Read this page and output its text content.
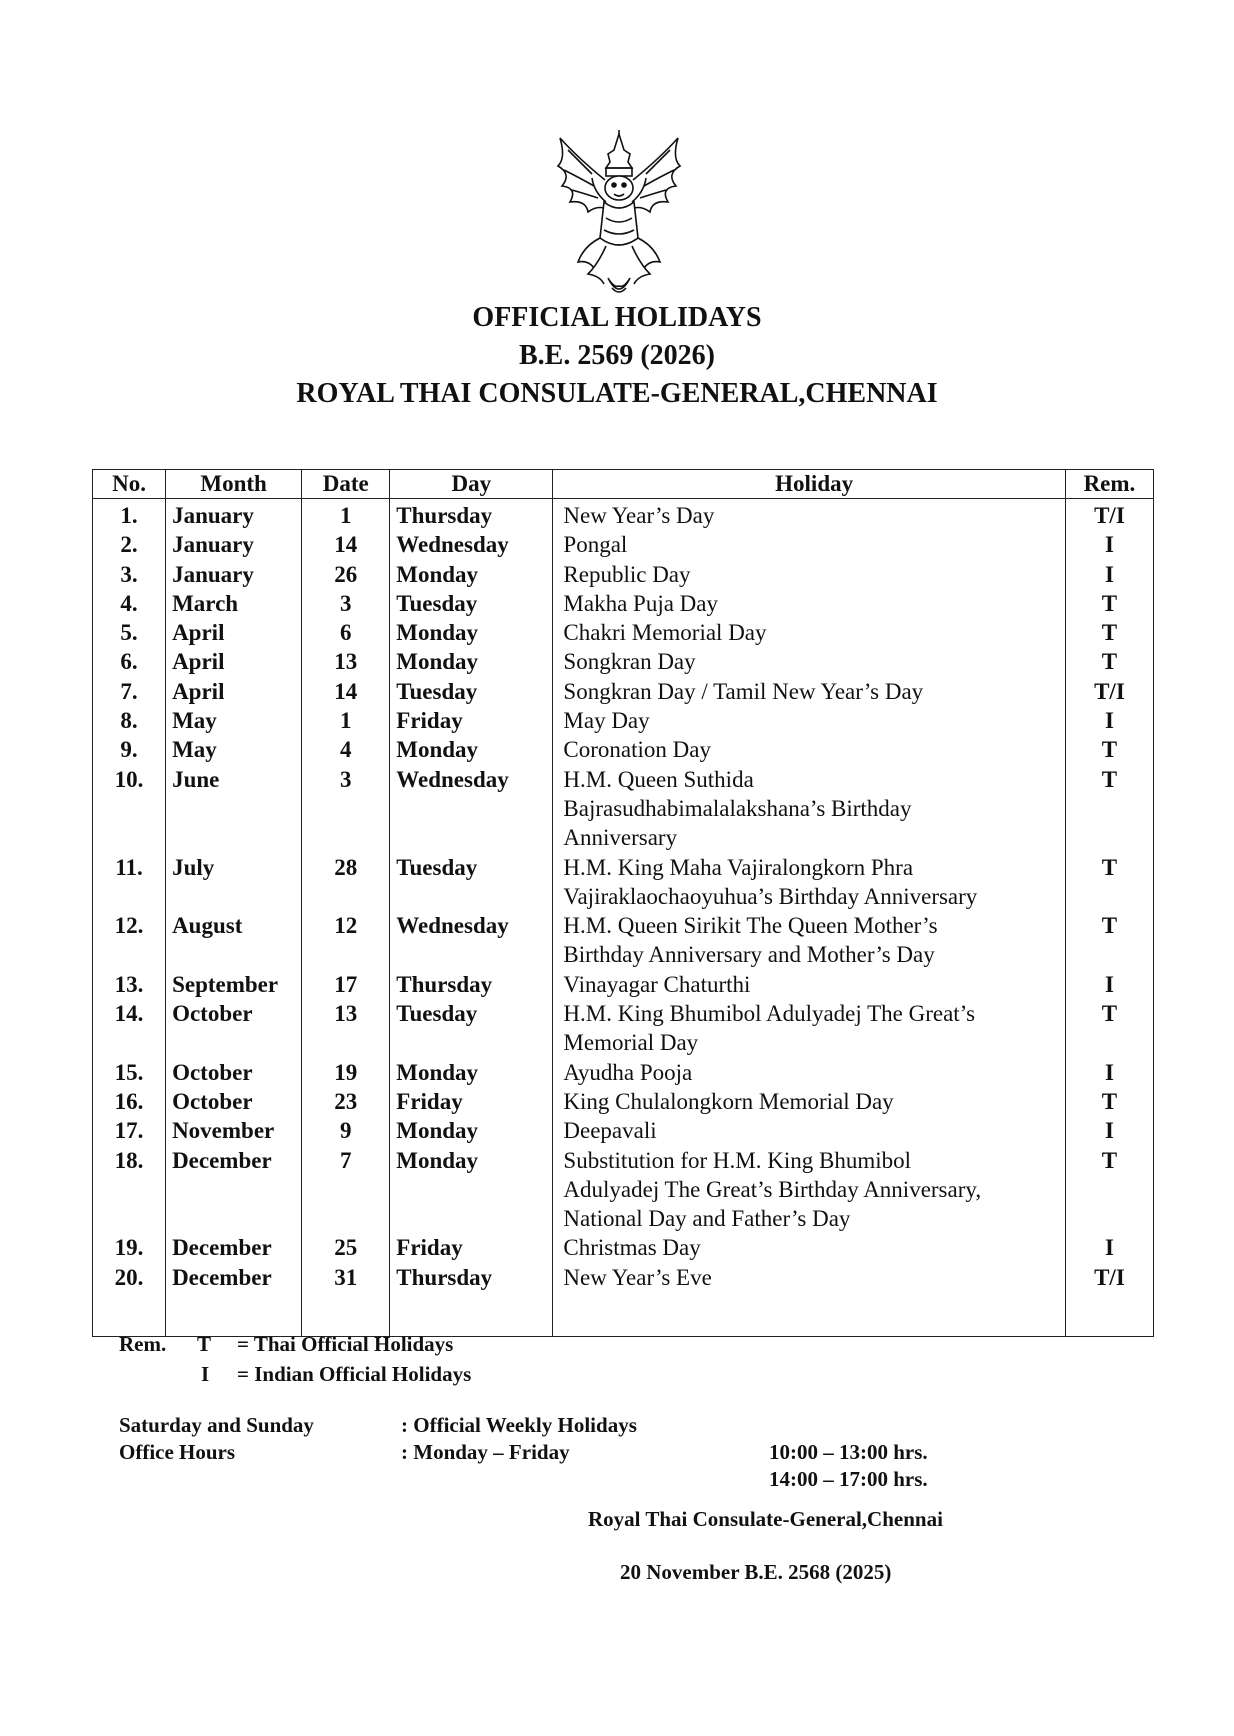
OFFICIAL HOLIDAYS
B.E. 2569 (2026)
ROYAL THAI CONSULATE-GENERAL,CHENNAI
No.	Month	Date	Day	Holiday	Rem.
1.	January	1	Thursday	New Year’s Day	T/I
2.	January	14	Wednesday	Pongal	I
3.	January	26	Monday	Republic Day	I
4.	March	3	Tuesday	Makha Puja Day	T
5.	April	6	Monday	Chakri Memorial Day	T
6.	April	13	Monday	Songkran Day	T
7.	April	14	Tuesday	Songkran Day / Tamil New Year’s Day	T/I
8.	May	1	Friday	May Day	I
9.	May	4	Monday	Coronation Day	T
10.	June	3	Wednesday	H.M. Queen Suthida
Bajrasudhabimalalakshana’s Birthday
Anniversary	T
11.	July	28	Tuesday	H.M. King Maha Vajiralongkorn Phra
Vajiraklaochaoyuhua’s Birthday Anniversary	T
12.	August	12	Wednesday	H.M. Queen Sirikit The Queen Mother’s
Birthday Anniversary and Mother’s Day	T
13.	September	17	Thursday	Vinayagar Chaturthi	I
14.	October	13	Tuesday	H.M. King Bhumibol Adulyadej The Great’s
Memorial Day	T
15.	October	19	Monday	Ayudha Pooja	I
16.	October	23	Friday	King Chulalongkorn Memorial Day	T
17.	November	9	Monday	Deepavali	I
18.	December	7	Monday	Substitution for H.M. King Bhumibol
Adulyadej The Great’s Birthday Anniversary,
National Day and Father’s Day	T
19.	December	25	Friday	Christmas Day	I
20.	December	31	Thursday	New Year’s Eve	T/I

Rem. T = Thai Official Holidays
I = Indian Official Holidays
Saturday and Sunday	: Official Weekly Holidays
Office Hours	: Monday – Friday	10:00 – 13:00 hrs.
14:00 – 17:00 hrs.
Royal Thai Consulate-General,Chennai
20 November B.E. 2568 (2025)
